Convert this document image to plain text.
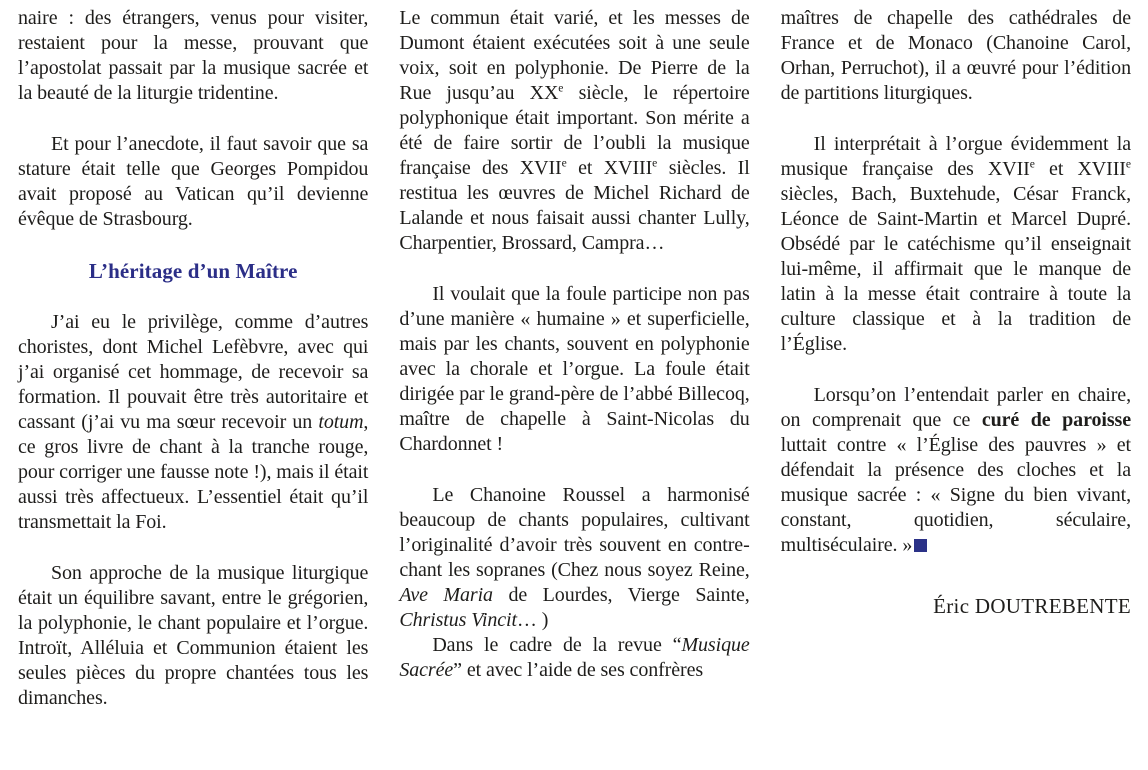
naire : des étrangers, venus pour visiter, restaient pour la messe, prouvant que l’apostolat passait par la musique sacrée et la beauté de la liturgie tridentine.

Et pour l’anecdote, il faut savoir que sa stature était telle que Georges Pompidou avait proposé au Vatican qu’il devienne évêque de Strasbourg.

L’héritage d’un Maître

J’ai eu le privilège, comme d’autres choristes, dont Michel Lefèbvre, avec qui j’ai organisé cet hommage, de recevoir sa formation. Il pouvait être très autoritaire et cassant (j’ai vu ma sœur recevoir un totum, ce gros livre de chant à la tranche rouge, pour corriger une fausse note !), mais il était aussi très affectueux. L’essentiel était qu’il transmettait la Foi.

Son approche de la musique liturgique était un équilibre savant, entre le grégorien, la polyphonie, le chant populaire et l’orgue. Introït, Alléluia et Communion étaient les seules pièces du propre chantées tous les dimanches.

Le commun était varié, et les messes de Dumont étaient exécutées soit à une seule voix, soit en polyphonie. De Pierre de la Rue jusqu’au XXe siècle, le répertoire polyphonique était important. Son mérite a été de faire sortir de l’oubli la musique française des XVIIe et XVIIIe siècles. Il restitua les œuvres de Michel Richard de Lalande et nous faisait aussi chanter Lully, Charpentier, Brossard, Campra…

Il voulait que la foule participe non pas d’une manière « humaine » et superficielle, mais par les chants, souvent en polyphonie avec la chorale et l’orgue. La foule était dirigée par le grand-père de l’abbé Billecoq, maître de chapelle à Saint-Nicolas du Chardonnet !

Le Chanoine Roussel a harmonisé beaucoup de chants populaires, cultivant l’originalité d’avoir très souvent en contre-chant les sopranes (Chez nous soyez Reine, Ave Maria de Lourdes, Vierge Sainte, Christus Vincit… )

Dans le cadre de la revue “Musique Sacrée” et avec l’aide de ses confrères

maîtres de chapelle des cathédrales de France et de Monaco (Chanoine Carol, Orhan, Perruchot), il a œuvré pour l’édition de partitions liturgiques.

Il interprétait à l’orgue évidemment la musique française des XVIIe et XVIIIe siècles, Bach, Buxtehude, César Franck, Léonce de Saint-Martin et Marcel Dupré. Obsédé par le catéchisme qu’il enseignait lui-même, il affirmait que le manque de latin à la messe était contraire à toute la culture classique et à la tradition de l’Église.

Lorsqu’on l’entendait parler en chaire, on comprenait que ce curé de paroisse luttait contre « l’Église des pauvres » et défendait la présence des cloches et la musique sacrée : « Signe du bien vivant, constant, quotidien, séculaire, multiséculaire. »

Éric DOUTREBENTE
